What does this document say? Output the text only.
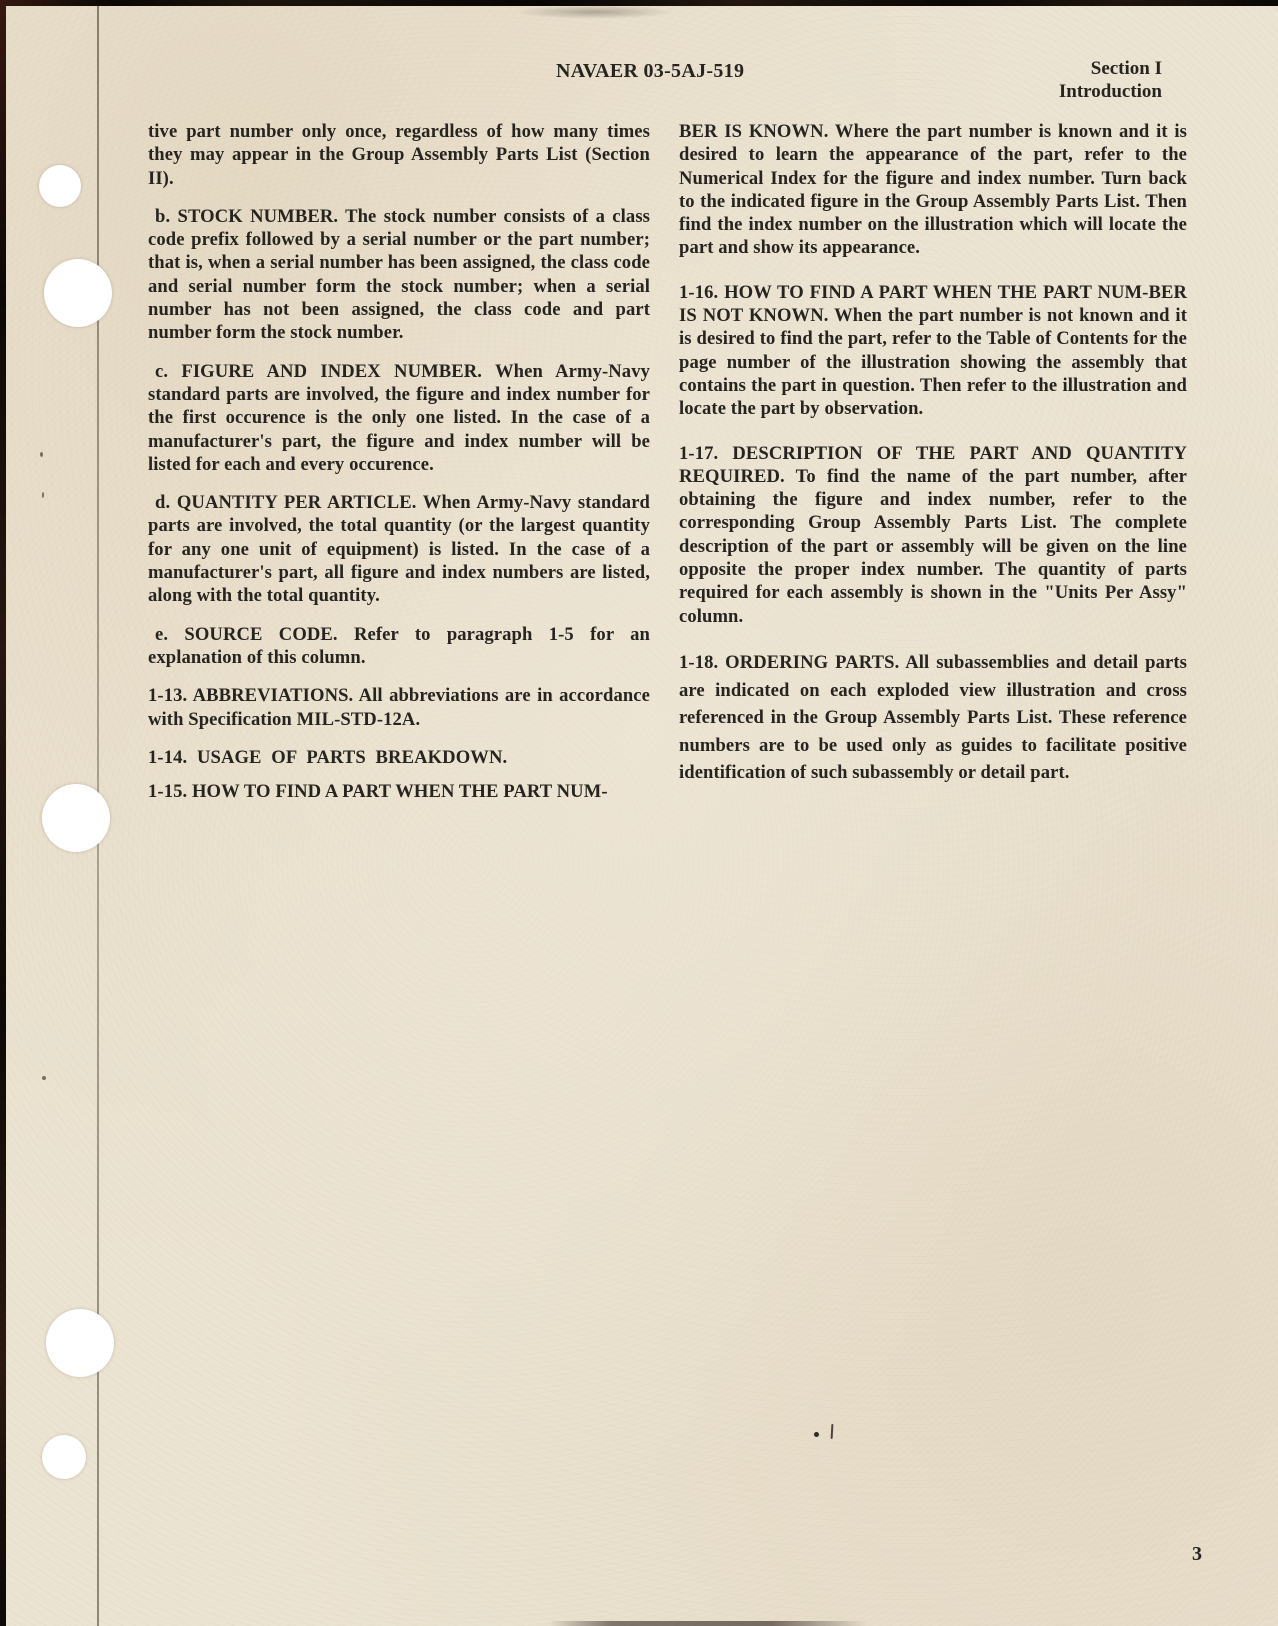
NAVAER 03-5AJ-519	Section I
Introduction

tive part number only once, regardless of how many times they may appear in the Group Assembly Parts List (Section II).

b. STOCK NUMBER. The stock number consists of a class code prefix followed by a serial number or the part number; that is, when a serial number has been assigned, the class code and serial number form the stock number; when a serial number has not been assigned, the class code and part number form the stock number.

c. FIGURE AND INDEX NUMBER. When Army-Navy standard parts are involved, the figure and index number for the first occurence is the only one listed. In the case of a manufacturer's part, the figure and index number will be listed for each and every occurence.

d. QUANTITY PER ARTICLE. When Army-Navy standard parts are involved, the total quantity (or the largest quantity for any one unit of equipment) is listed. In the case of a manufacturer's part, all figure and index numbers are listed, along with the total quantity.

e. SOURCE CODE. Refer to paragraph 1-5 for an explanation of this column.

1-13. ABBREVIATIONS. All abbreviations are in accordance with Specification MIL-STD-12A.

1-14. USAGE OF PARTS BREAKDOWN.

1-15. HOW TO FIND A PART WHEN THE PART NUM-

BER IS KNOWN. Where the part number is known and it is desired to learn the appearance of the part, refer to the Numerical Index for the figure and index number. Turn back to the indicated figure in the Group Assembly Parts List. Then find the index number on the illustration which will locate the part and show its appearance.

1-16. HOW TO FIND A PART WHEN THE PART NUM-BER IS NOT KNOWN. When the part number is not known and it is desired to find the part, refer to the Table of Contents for the page number of the illustration showing the assembly that contains the part in question. Then refer to the illustration and locate the part by observation.

1-17. DESCRIPTION OF THE PART AND QUANTITY REQUIRED. To find the name of the part number, after obtaining the figure and index number, refer to the corresponding Group Assembly Parts List. The complete description of the part or assembly will be given on the line opposite the proper index number. The quantity of parts required for each assembly is shown in the "Units Per Assy" column.

1-18. ORDERING PARTS. All subassemblies and detail parts are indicated on each exploded view illustration and cross referenced in the Group Assembly Parts List. These reference numbers are to be used only as guides to facilitate positive identification of such subassembly or detail part.

3
